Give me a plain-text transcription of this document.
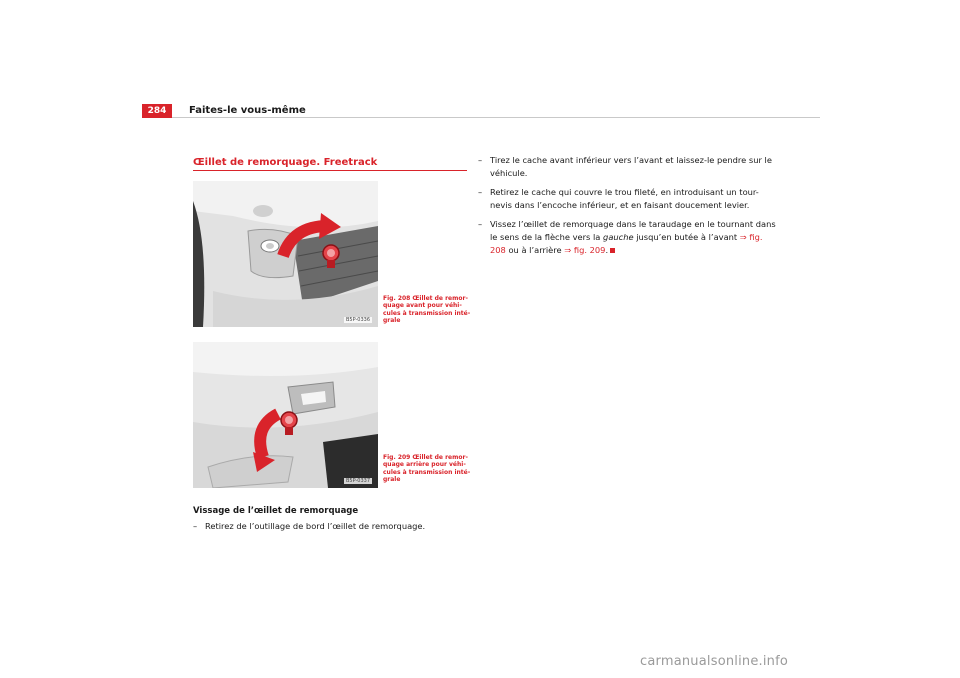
284	Faites-le vous-même
Œillet de remorquage. Freetrack
B5P-0336
Fig. 208 Œillet de remor-quage avant pour véhi-cules à transmission inté-grale
B5P-0337
Fig. 209 Œillet de remor-quage arrière pour véhi-cules à transmission inté-grale
Vissage de l’œillet de remorquage
– Retirez de l’outillage de bord l’œillet de remorquage.
– Tirez le cache avant inférieur vers l’avant et laissez-le pendre sur le véhicule.
– Retirez le cache qui couvre le trou fileté, en introduisant un tour-nevis dans l’encoche inférieur, et en faisant doucement levier.
– Vissez l’œillet de remorquage dans le taraudage en le tournant dans le sens de la flèche vers la gauche jusqu’en butée à l’avant ⇒ fig. 208 ou à l’arrière ⇒ fig. 209.
carmanualsonline.info
